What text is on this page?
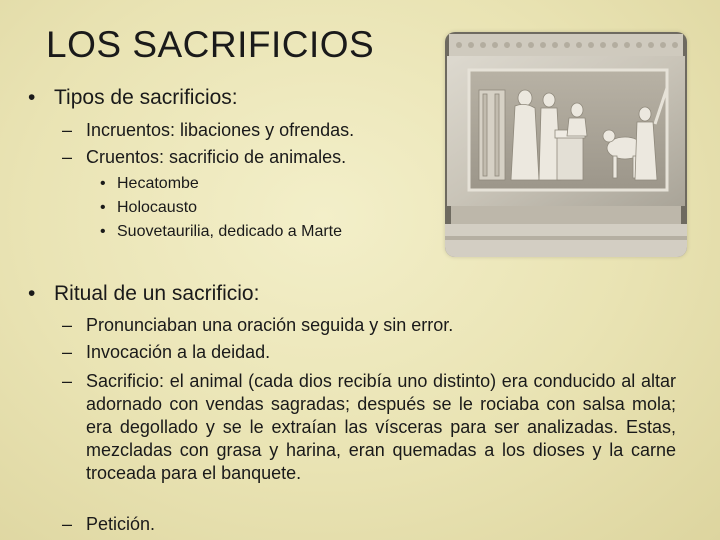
LOS SACRIFICIOS
• Tipos de sacrificios:
– Incruentos: libaciones y ofrendas.
– Cruentos: sacrificio de animales.
• Hecatombe
• Holocausto
• Suovetaurilia, dedicado a Marte
• Ritual de un sacrificio:
– Pronunciaban una oración seguida y sin error.
– Invocación a la deidad.
– Sacrificio: el animal (cada dios recibía uno distinto) era conducido al altar adornado con vendas sagradas; después se le rociaba con salsa mola; era degollado y se le extraían las vísceras para ser analizadas. Estas, mezcladas con grasa y harina, eran quemadas a los dioses y la carne troceada para el banquete.
– Petición.
